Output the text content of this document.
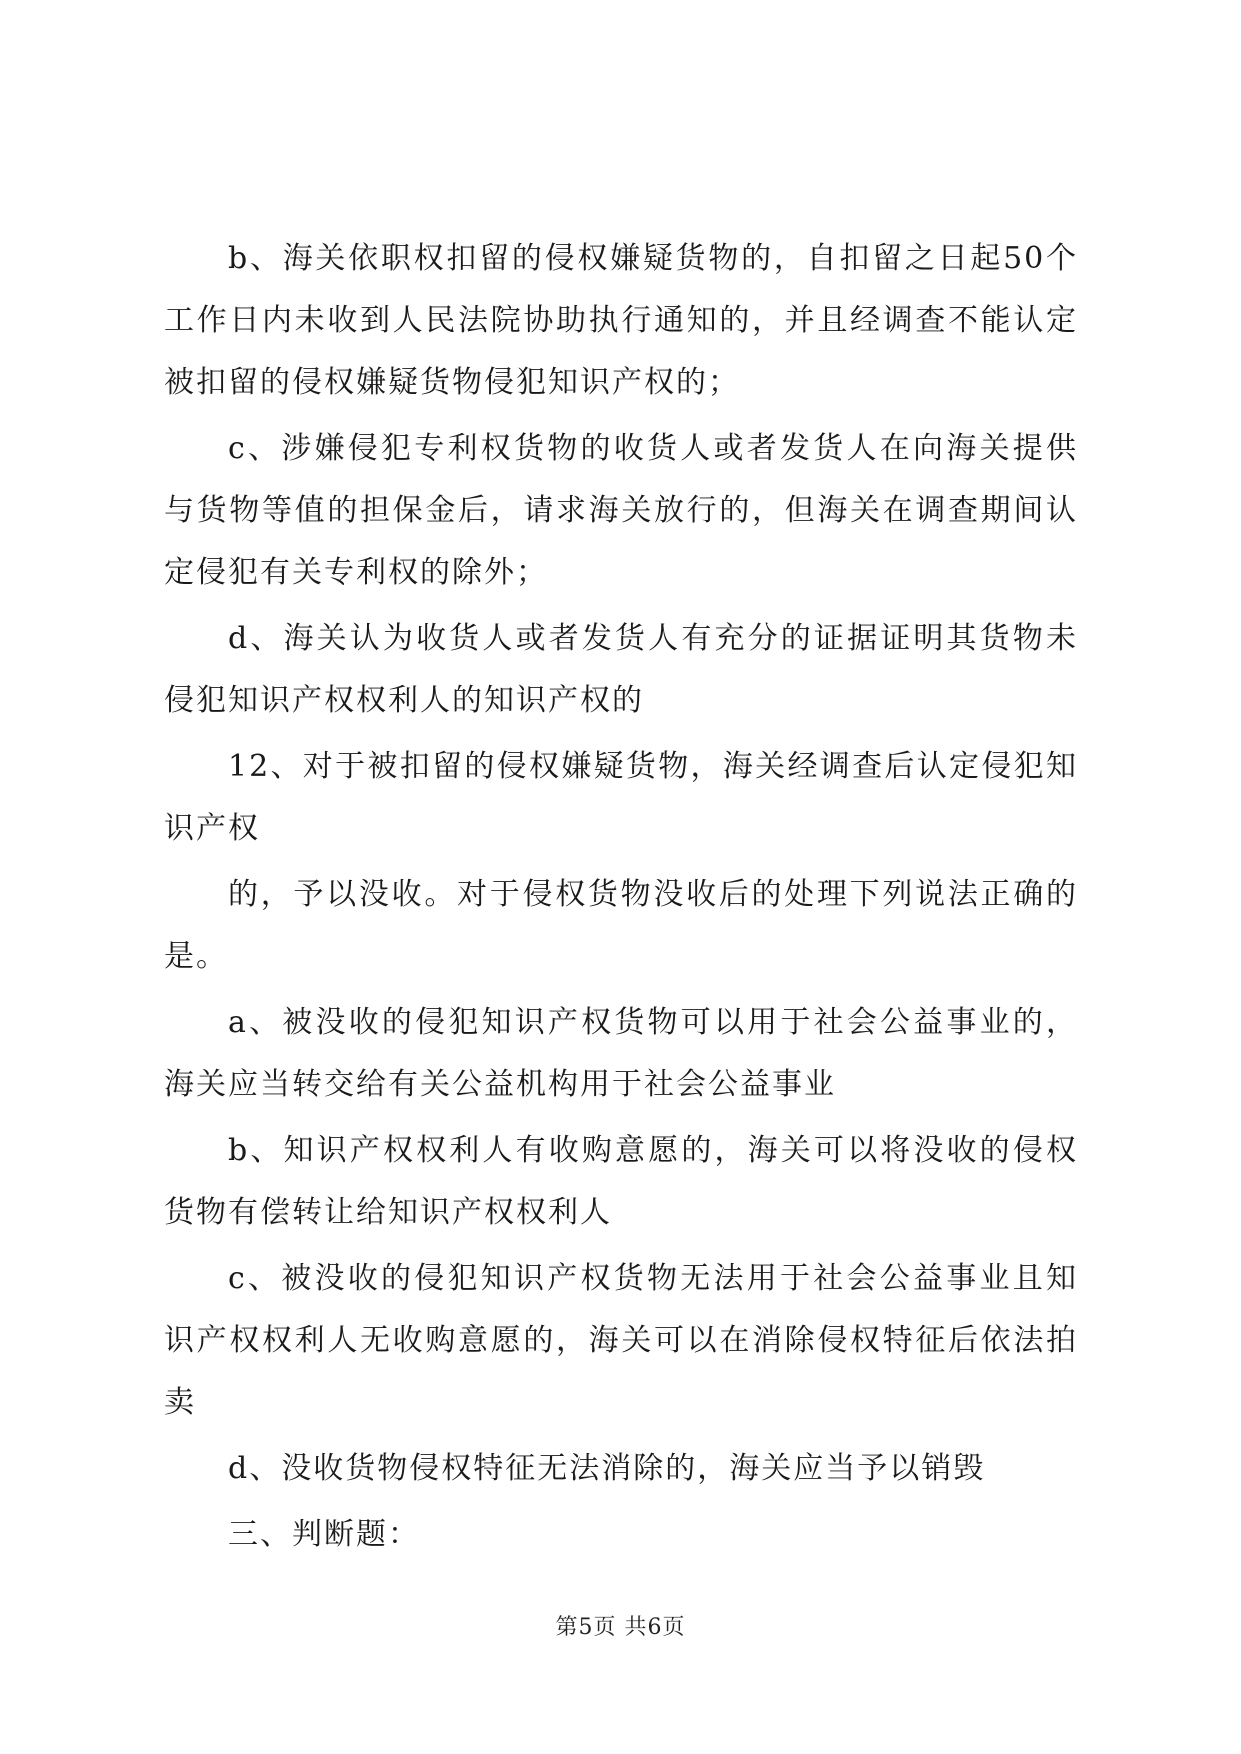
b、海关依职权扣留的侵权嫌疑货物的，自扣留之日起50个工作日内未收到人民法院协助执行通知的，并且经调查不能认定被扣留的侵权嫌疑货物侵犯知识产权的；

c、涉嫌侵犯专利权货物的收货人或者发货人在向海关提供与货物等值的担保金后，请求海关放行的，但海关在调查期间认定侵犯有关专利权的除外；

d、海关认为收货人或者发货人有充分的证据证明其货物未侵犯知识产权权利人的知识产权的

12、对于被扣留的侵权嫌疑货物，海关经调查后认定侵犯知识产权

的，予以没收。对于侵权货物没收后的处理下列说法正确的是。

a、被没收的侵犯知识产权货物可以用于社会公益事业的，海关应当转交给有关公益机构用于社会公益事业

b、知识产权权利人有收购意愿的，海关可以将没收的侵权货物有偿转让给知识产权权利人

c、被没收的侵犯知识产权货物无法用于社会公益事业且知识产权权利人无收购意愿的，海关可以在消除侵权特征后依法拍卖

d、没收货物侵权特征无法消除的，海关应当予以销毁

三、判断题：

第5页 共6页
